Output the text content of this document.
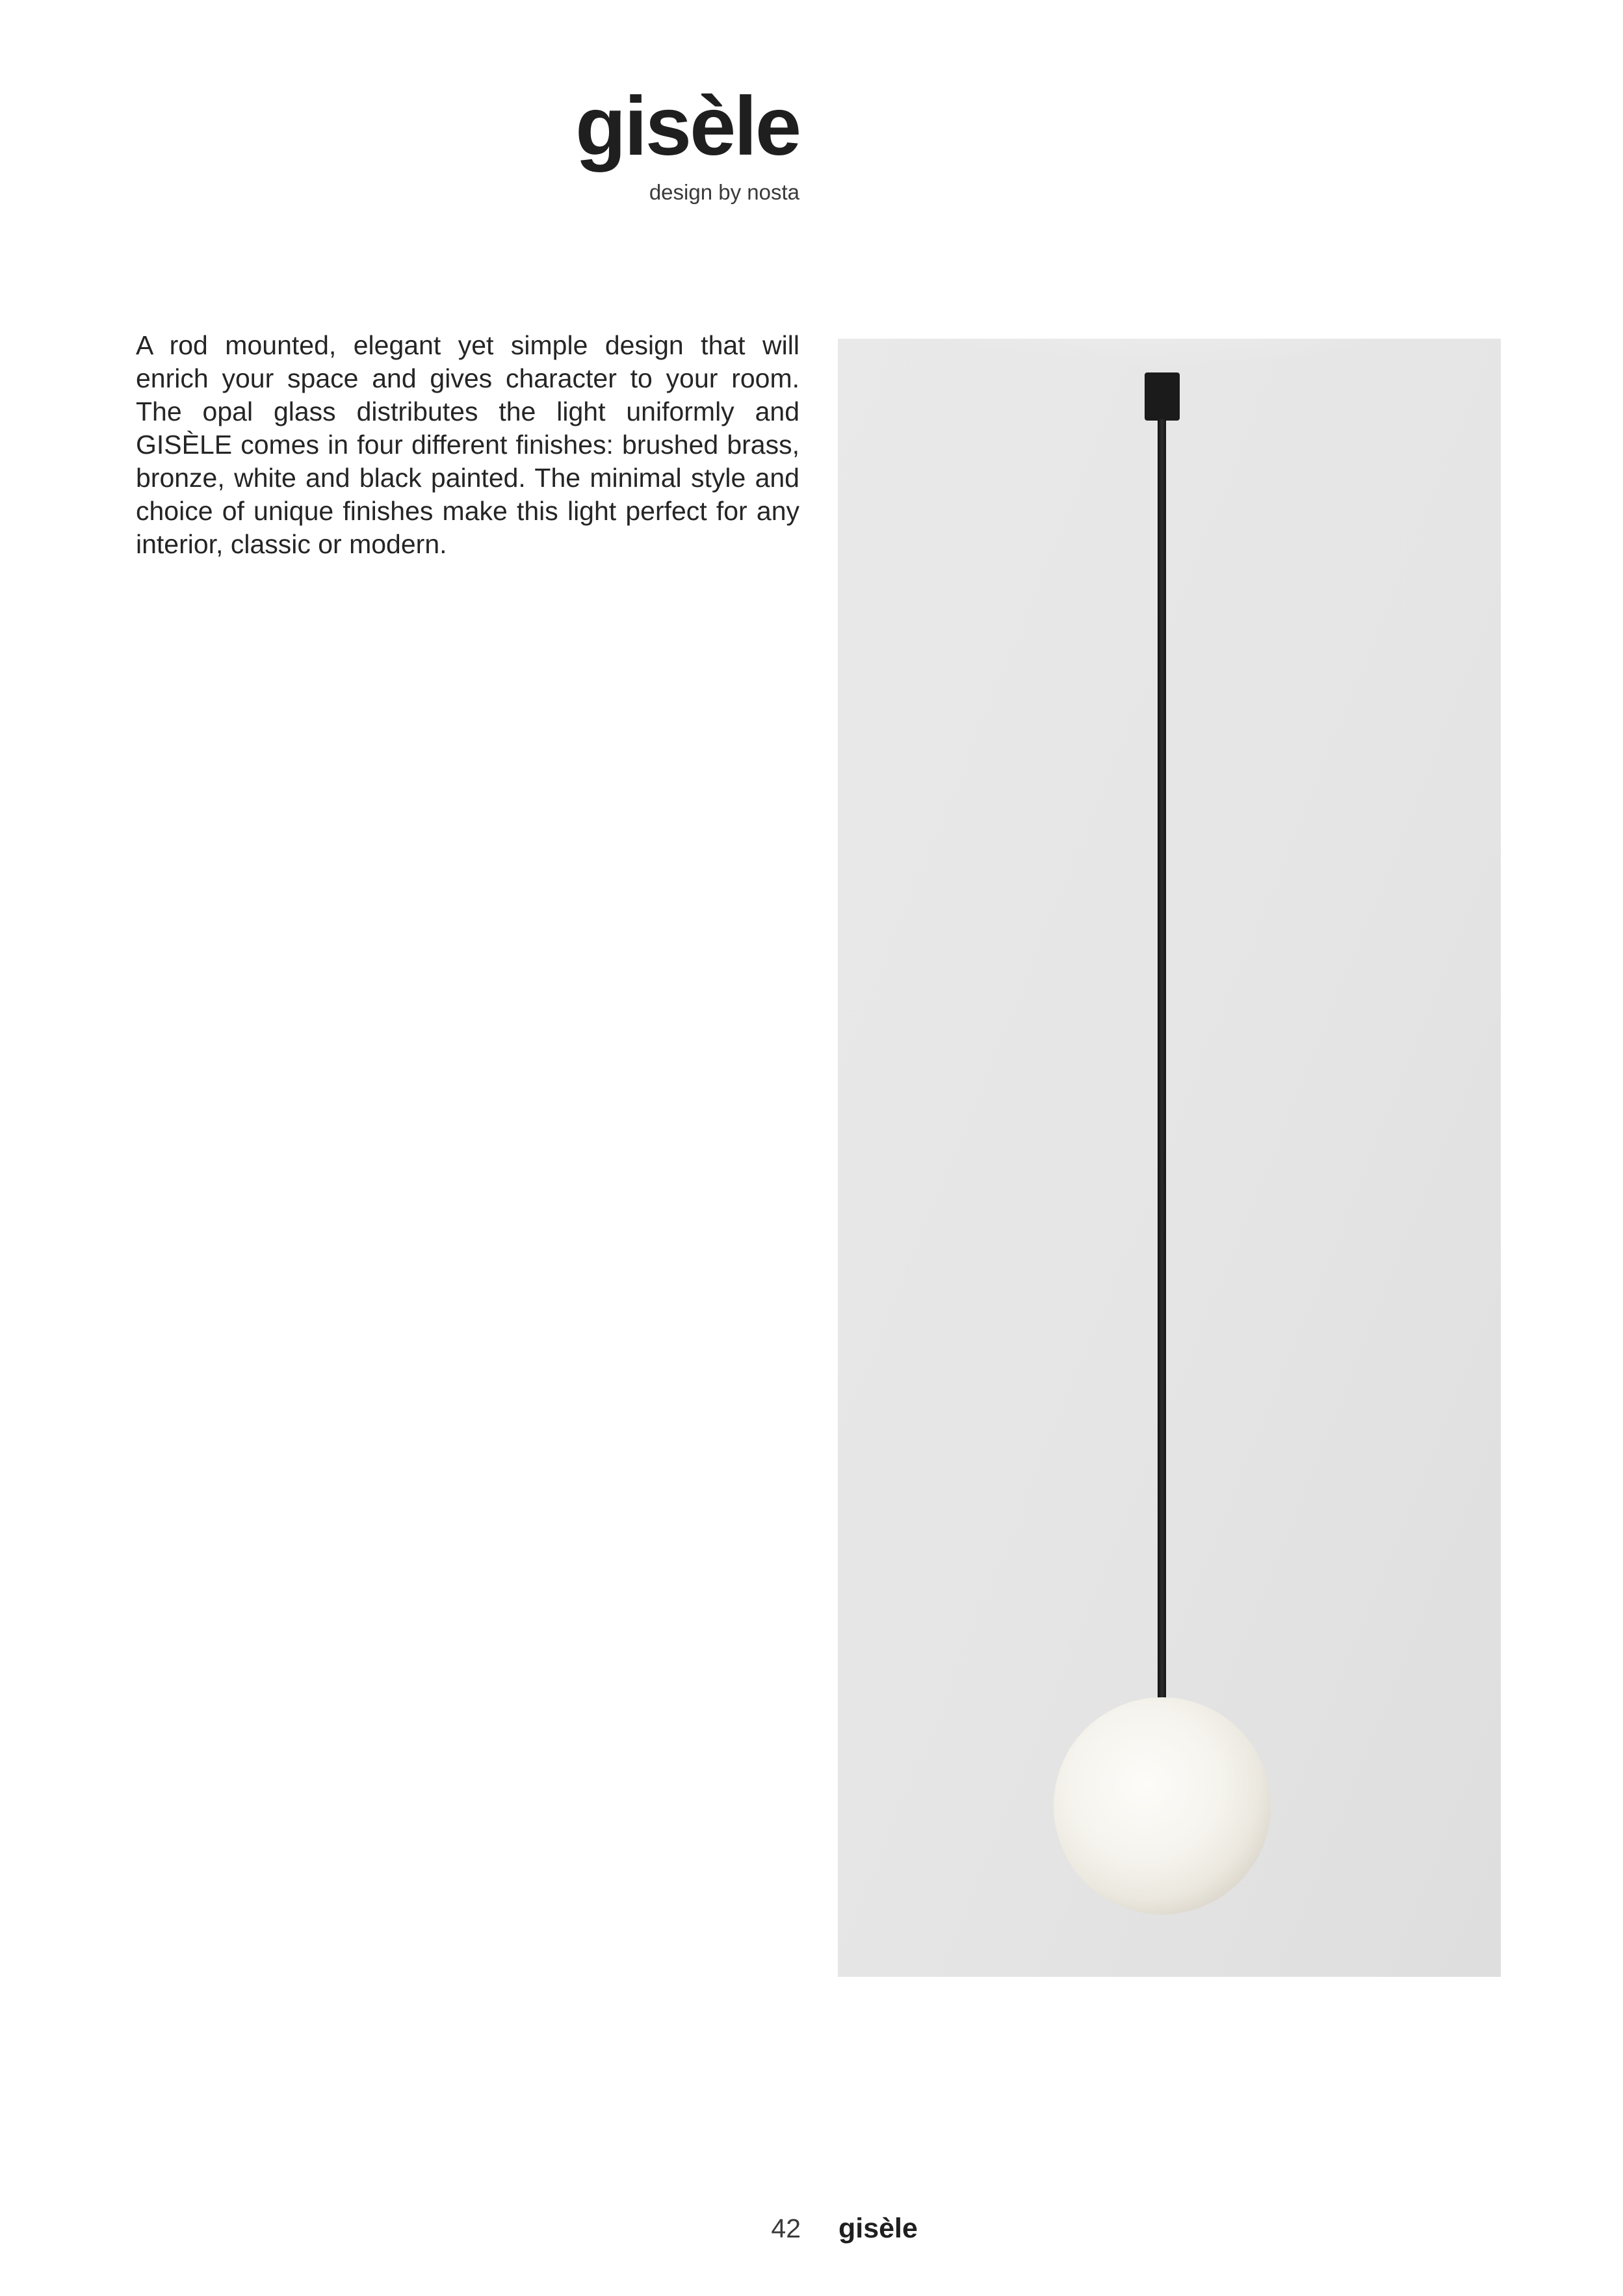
gisèle
design by nosta

A rod mounted, elegant yet simple design that will enrich your space and gives character to your room. The opal glass distributes the light uniformly and GISÈLE comes in four different finishes: brushed brass, bronze, white and black painted. The minimal style and choice of unique finishes make this light perfect for any interior, classic or modern.

42 gisèle
